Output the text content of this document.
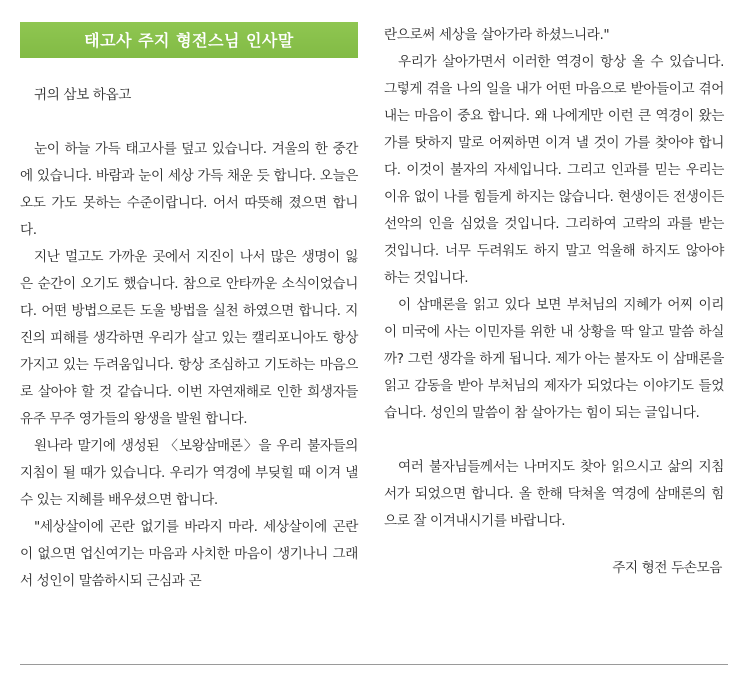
태고사 주지 형전스님 인사말

귀의 삼보 하옵고

눈이 하늘 가득 태고사를 덮고 있습니다. 겨울의 한 중간에 있습니다. 바람과 눈이 세상 가득 채운 듯 합니다. 오늘은 오도 가도 못하는 수준이랍니다. 어서 따뜻해 졌으면 합니다.

지난 멀고도 가까운 곳에서 지진이 나서 많은 생명이 잃은 순간이 오기도 했습니다. 참으로 안타까운 소식이었습니다. 어떤 방법으로든 도울 방법을 실천 하였으면 합니다. 지진의 피해를 생각하면 우리가 살고 있는 캘리포니아도 항상 가지고 있는 두려움입니다. 항상 조심하고 기도하는 마음으로 살아야 할 것 같습니다. 이번 자연재해로 인한 희생자들 유주 무주 영가들의 왕생을 발원 합니다.

원나라 말기에 생성된 〈보왕삼매론〉을 우리 불자들의 지침이 될 때가 있습니다. 우리가 역경에 부딪힐 때 이겨 낼 수 있는 지혜를 배우셨으면 합니다.

"세상살이에 곤란 없기를 바라지 마라. 세상살이에 곤란이 없으면 업신여기는 마음과 사치한 마음이 생기나니 그래서 성인이 말씀하시되 근심과 곤

란으로써 세상을 살아가라 하셨느니라."

우리가 살아가면서 이러한 역경이 항상 올 수 있습니다. 그렇게 겪을 나의 일을 내가 어떤 마음으로 받아들이고 겪어내는 마음이 중요 합니다. 왜 나에게만 이런 큰 역경이 왔는가를 탓하지 말로 어찌하면 이겨 낼 것이 가를 찾아야 합니다. 이것이 불자의 자세입니다. 그리고 인과를 믿는 우리는 이유 없이 나를 힘들게 하지는 않습니다. 현생이든 전생이든 선악의 인을 심었을 것입니다. 그리하여 고락의 과를 받는 것입니다. 너무 두려워도 하지 말고 억울해 하지도 않아야 하는 것입니다.

이 삼매론을 읽고 있다 보면 부처님의 지혜가 어찌 이리 이 미국에 사는 이민자를 위한 내 상황을 딱 알고 말씀 하실까? 그런 생각을 하게 됩니다. 제가 아는 불자도 이 삼매론을 읽고 감동을 받아 부처님의 제자가 되었다는 이야기도 들었습니다. 성인의 말씀이 참 살아가는 힘이 되는 글입니다.

여러 불자님들께서는 나머지도 찾아 읽으시고 삶의 지침서가 되었으면 합니다. 올 한해 닥쳐올 역경에 삼매론의 힘으로 잘 이겨내시기를 바랍니다.

주지 형전 두손모음
